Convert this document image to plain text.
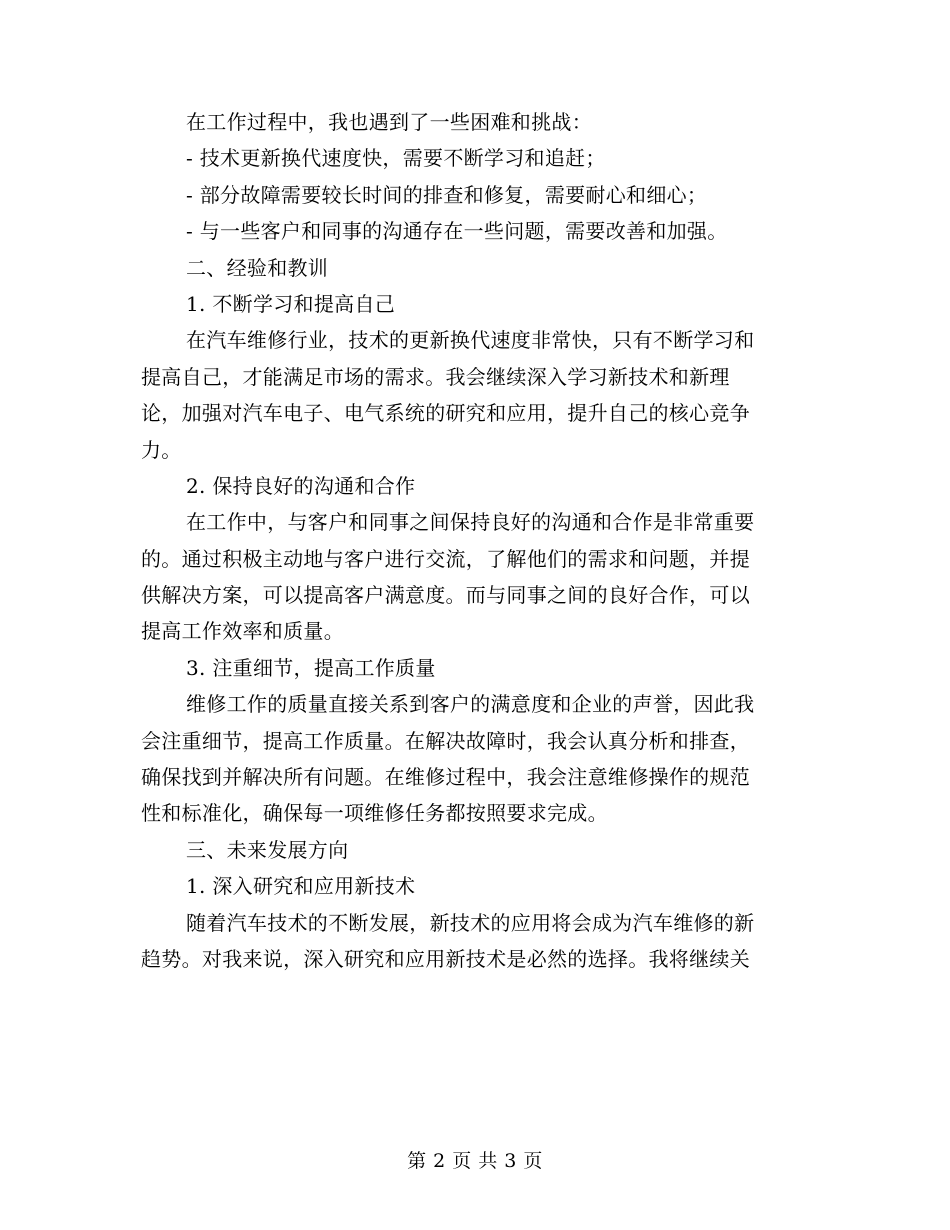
在工作过程中，我也遇到了一些困难和挑战：
- 技术更新换代速度快，需要不断学习和追赶；
- 部分故障需要较长时间的排查和修复，需要耐心和细心；
- 与一些客户和同事的沟通存在一些问题，需要改善和加强。
二、经验和教训
1. 不断学习和提高自己
在汽车维修行业，技术的更新换代速度非常快，只有不断学习和
提高自己，才能满足市场的需求。我会继续深入学习新技术和新理
论，加强对汽车电子、电气系统的研究和应用，提升自己的核心竞争
力。
2. 保持良好的沟通和合作
在工作中，与客户和同事之间保持良好的沟通和合作是非常重要
的。通过积极主动地与客户进行交流，了解他们的需求和问题，并提
供解决方案，可以提高客户满意度。而与同事之间的良好合作，可以
提高工作效率和质量。
3. 注重细节，提高工作质量
维修工作的质量直接关系到客户的满意度和企业的声誉，因此我
会注重细节，提高工作质量。在解决故障时，我会认真分析和排查，
确保找到并解决所有问题。在维修过程中，我会注意维修操作的规范
性和标准化，确保每一项维修任务都按照要求完成。
三、未来发展方向
1. 深入研究和应用新技术
随着汽车技术的不断发展，新技术的应用将会成为汽车维修的新
趋势。对我来说，深入研究和应用新技术是必然的选择。我将继续关
第 2 页 共 3 页
